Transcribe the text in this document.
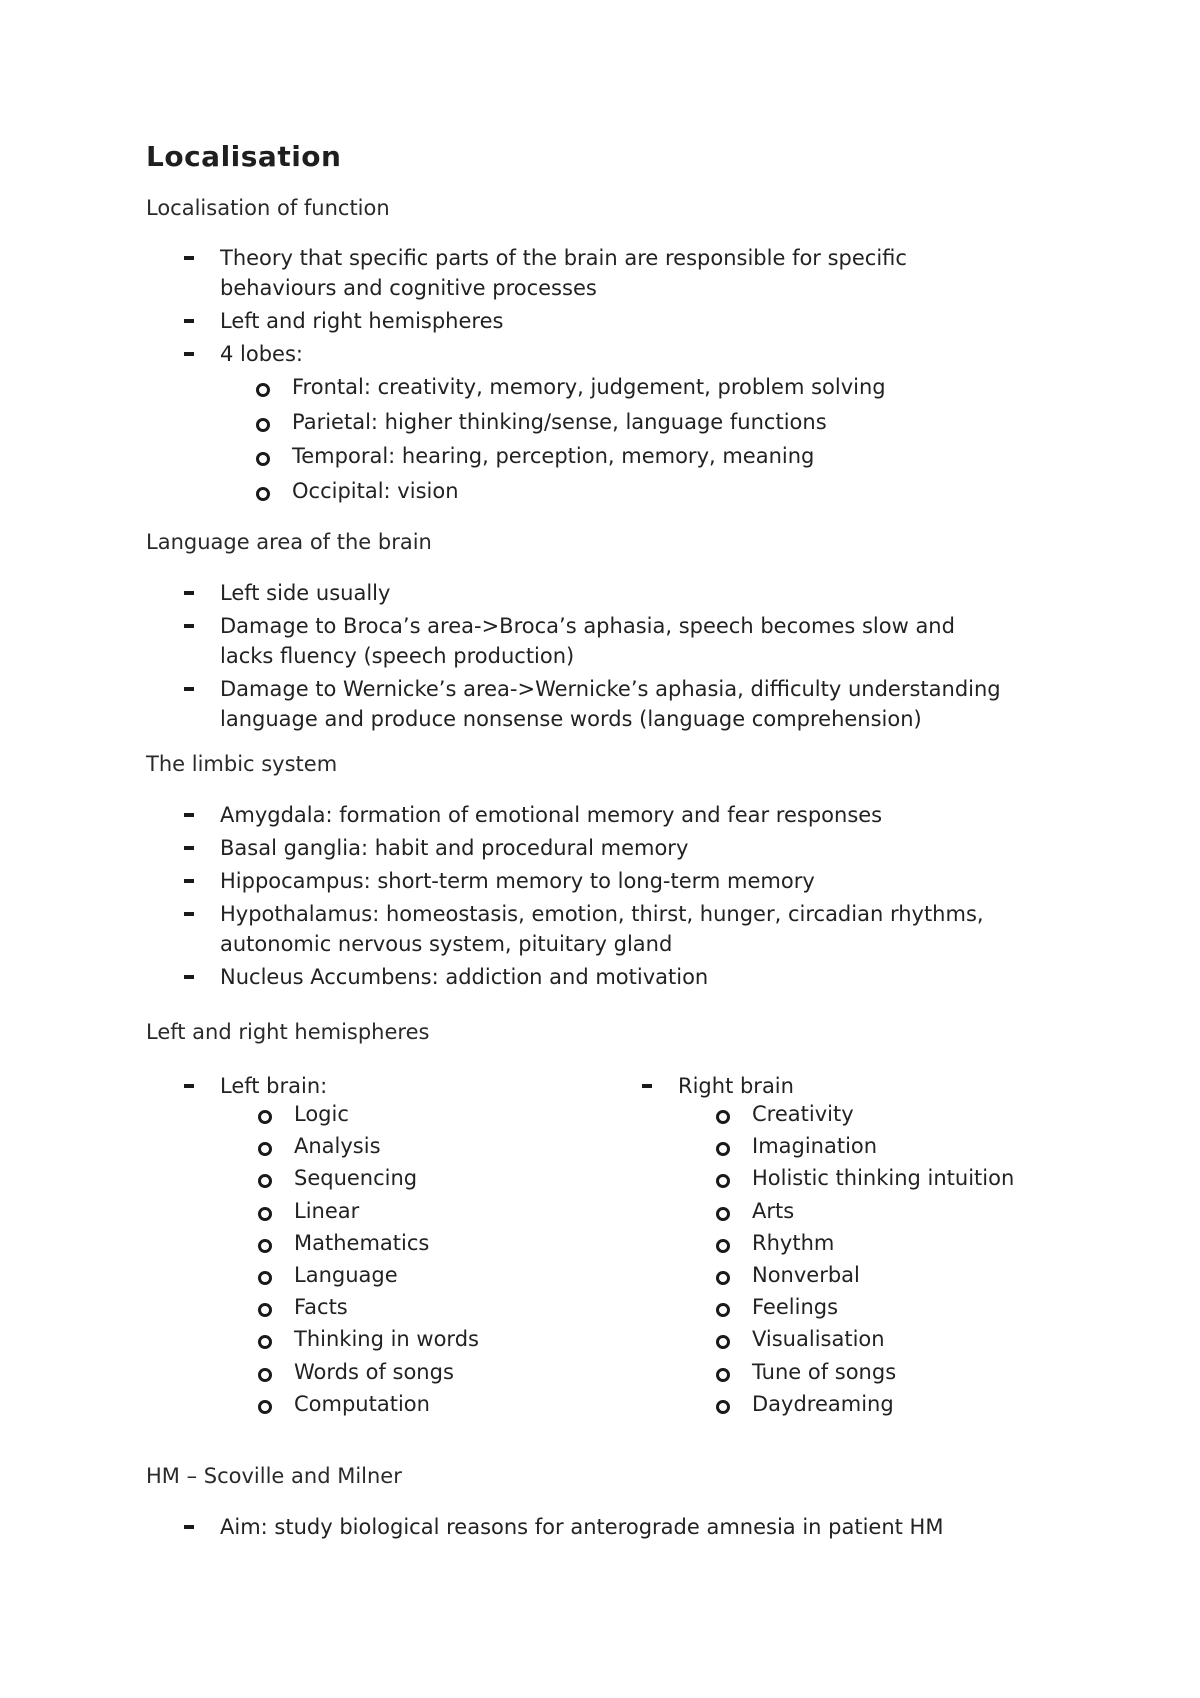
Localisation

Localisation of function

Theory that specific parts of the brain are responsible for specific behaviours and cognitive processes
Left and right hemispheres
4 lobes:
Frontal: creativity, memory, judgement, problem solving
Parietal: higher thinking/sense, language functions
Temporal: hearing, perception, memory, meaning
Occipital: vision

Language area of the brain

Left side usually
Damage to Broca’s area->Broca’s aphasia, speech becomes slow and lacks fluency (speech production)
Damage to Wernicke’s area->Wernicke’s aphasia, difficulty understanding language and produce nonsense words (language comprehension)

The limbic system

Amygdala: formation of emotional memory and fear responses
Basal ganglia: habit and procedural memory
Hippocampus: short-term memory to long-term memory
Hypothalamus: homeostasis, emotion, thirst, hunger, circadian rhythms, autonomic nervous system, pituitary gland
Nucleus Accumbens: addiction and motivation

Left and right hemispheres

Left brain:
Logic
Analysis
Sequencing
Linear
Mathematics
Language
Facts
Thinking in words
Words of songs
Computation
Right brain
Creativity
Imagination
Holistic thinking intuition
Arts
Rhythm
Nonverbal
Feelings
Visualisation
Tune of songs
Daydreaming

HM – Scoville and Milner

Aim: study biological reasons for anterograde amnesia in patient HM
